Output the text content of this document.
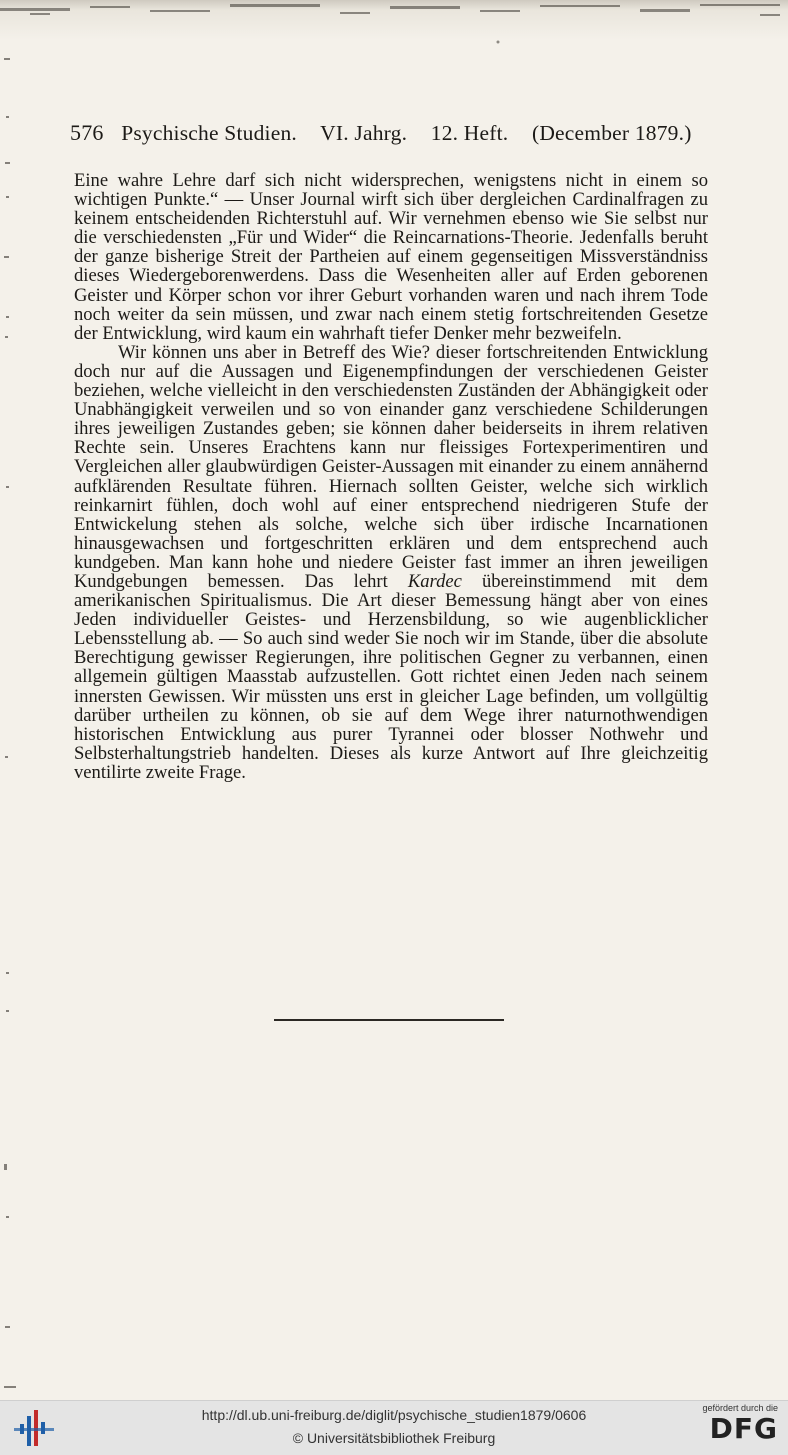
576 Psychische Studien. VI. Jahrg. 12. Heft. (December 1879.)

Eine wahre Lehre darf sich nicht widersprechen, wenigstens nicht in einem so wichtigen Punkte.“ — Unser Journal wirft sich über dergleichen Cardinalfragen zu keinem entscheidenden Richterstuhl auf. Wir vernehmen ebenso wie Sie selbst nur die verschiedensten „Für und Wider“ die Reincarnations-Theorie. Jedenfalls beruht der ganze bisherige Streit der Partheien auf einem gegenseitigen Missverständniss dieses Wiedergeborenwerdens. Dass die Wesenheiten aller auf Erden geborenen Geister und Körper schon vor ihrer Geburt vorhanden waren und nach ihrem Tode noch weiter da sein müssen, und zwar nach einem stetig fortschreitenden Gesetze der Entwicklung, wird kaum ein wahrhaft tiefer Denker mehr bezweifeln.

Wir können uns aber in Betreff des Wie? dieser fortschreitenden Entwicklung doch nur auf die Aussagen und Eigenempfindungen der verschiedenen Geister beziehen, welche vielleicht in den verschiedensten Zuständen der Abhängigkeit oder Unabhängigkeit verweilen und so von einander ganz verschiedene Schilderungen ihres jeweiligen Zustandes geben; sie können daher beiderseits in ihrem relativen Rechte sein. Unseres Erachtens kann nur fleissiges Fortexperimentiren und Vergleichen aller glaubwürdigen Geister-Aussagen mit einander zu einem annähernd aufklärenden Resultate führen. Hiernach sollten Geister, welche sich wirklich reinkarnirt fühlen, doch wohl auf einer entsprechend niedrigeren Stufe der Entwickelung stehen als solche, welche sich über irdische Incarnationen hinausgewachsen und fortgeschritten erklären und dem entsprechend auch kundgeben. Man kann hohe und niedere Geister fast immer an ihren jeweiligen Kundgebungen bemessen. Das lehrt Kardec übereinstimmend mit dem amerikanischen Spiritualismus. Die Art dieser Bemessung hängt aber von eines Jeden individueller Geistes- und Herzensbildung, so wie augenblicklicher Lebensstellung ab. — So auch sind weder Sie noch wir im Stande, über die absolute Berechtigung gewisser Regierungen, ihre politischen Gegner zu verbannen, einen allgemein gültigen Maasstab aufzustellen. Gott richtet einen Jeden nach seinem innersten Gewissen. Wir müssten uns erst in gleicher Lage befinden, um vollgültig darüber urtheilen zu können, ob sie auf dem Wege ihrer naturnothwendigen historischen Entwicklung aus purer Tyrannei oder blosser Nothwehr und Selbsterhaltungstrieb handelten. Dieses als kurze Antwort auf Ihre gleichzeitig ventilirte zweite Frage.

http://dl.ub.uni-freiburg.de/diglit/psychische_studien1879/0606
© Universitätsbibliothek Freiburg
gefördert durch die
DFG
